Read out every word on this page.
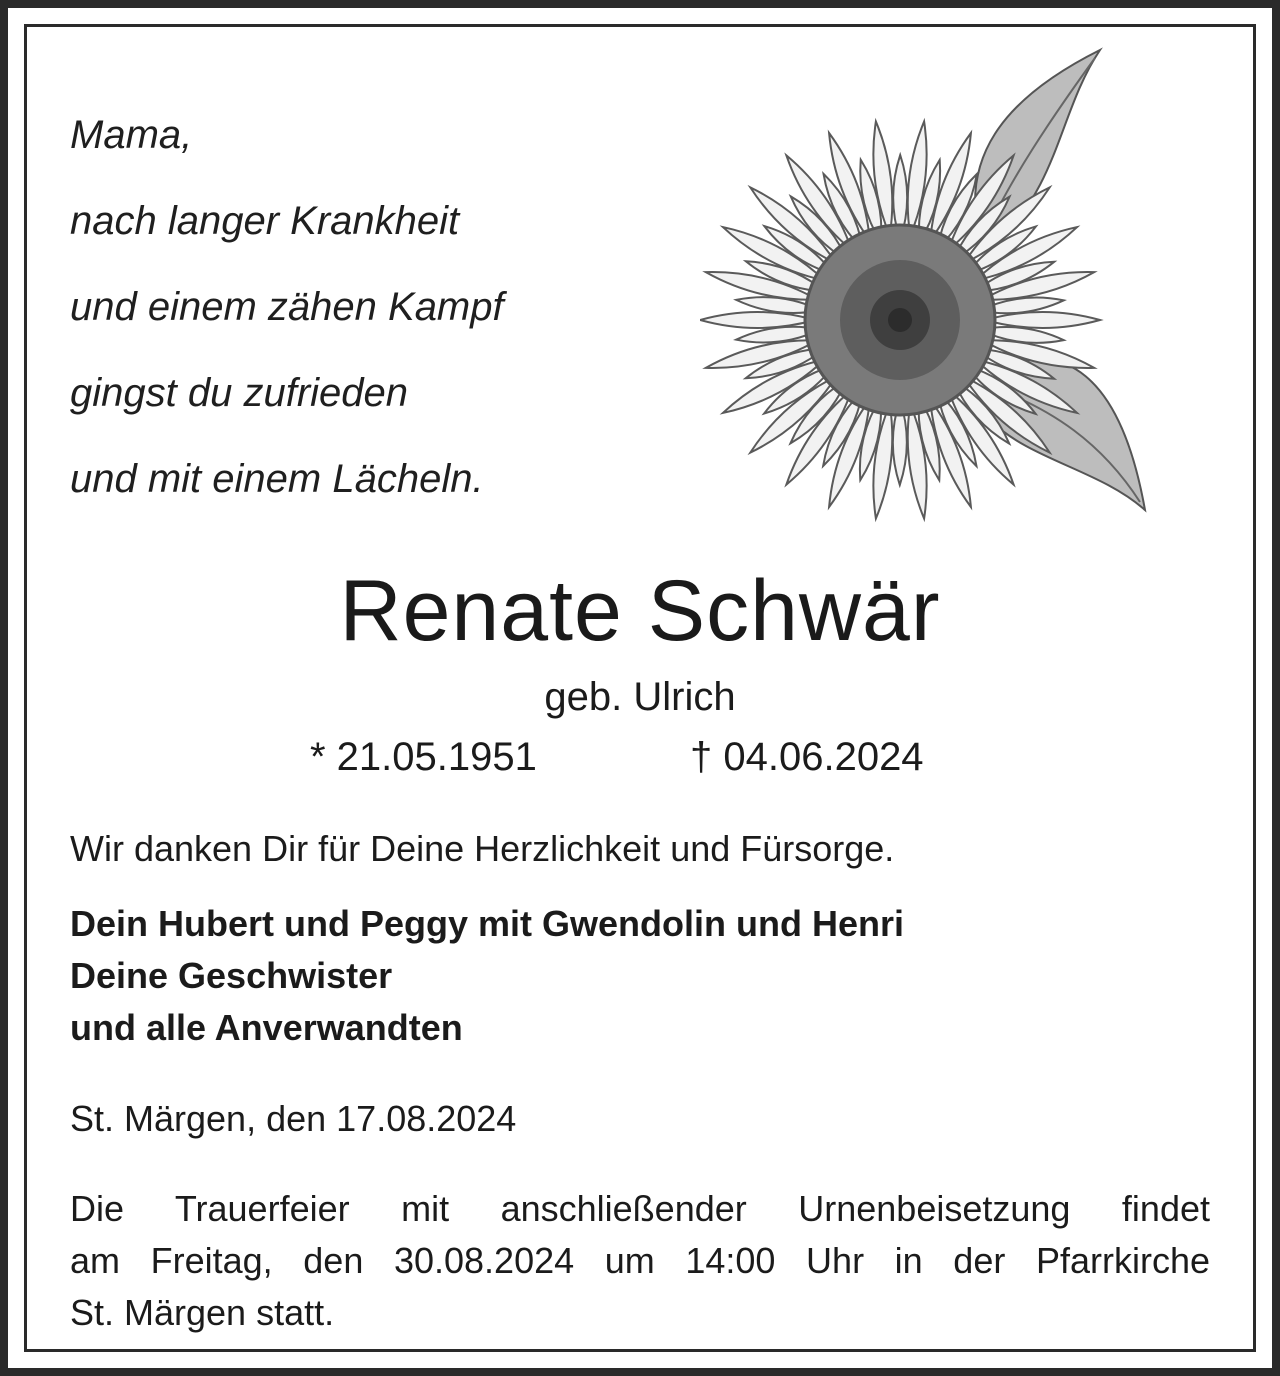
Mama,
nach langer Krankheit
und einem zähen Kampf
gingst du zufrieden
und mit einem Lächeln.
Renate Schwär
geb. Ulrich
* 21.05.1951	† 04.06.2024
Wir danken Dir für Deine Herzlichkeit und Fürsorge.
Dein Hubert und Peggy mit Gwendolin und Henri
Deine Geschwister
und alle Anverwandten
St. Märgen, den 17.08.2024
Die Trauerfeier mit anschließender Urnenbeisetzung findet
am Freitag, den 30.08.2024 um 14:00 Uhr in der Pfarrkirche
St. Märgen statt.
